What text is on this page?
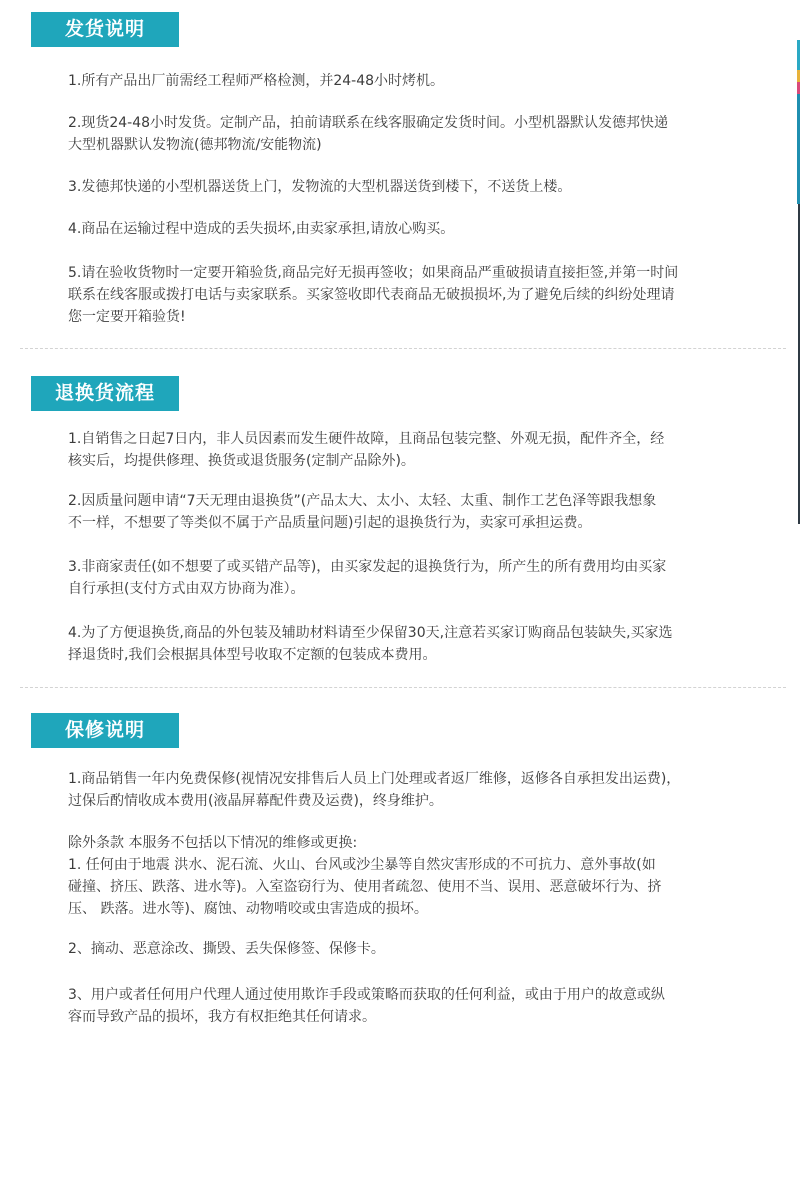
发货说明
1.所有产品出厂前需经工程师严格检测，并24-48小时烤机。
2.现货24-48小时发货。定制产品，拍前请联系在线客服确定发货时间。小型机器默认发德邦快递
大型机器默认发物流(德邦物流/安能物流)
3.发德邦快递的小型机器送货上门，发物流的大型机器送货到楼下，不送货上楼。
4.商品在运输过程中造成的丢失损坏,由卖家承担,请放心购买。
5.请在验收货物时一定要开箱验货,商品完好无损再签收；如果商品严重破损请直接拒签,并第一时间
联系在线客服或拨打电话与卖家联系。买家签收即代表商品无破损损坏,为了避免后续的纠纷处理请
您一定要开箱验货!
退换货流程
1.自销售之日起7日内，非人员因素而发生硬件故障，且商品包装完整、外观无损，配件齐全，经
核实后，均提供修理、换货或退货服务(定制产品除外)。
2.因质量问题申请“7天无理由退换货”(产品太大、太小、太轻、太重、制作工艺色泽等跟我想象
不一样，不想要了等类似不属于产品质量问题)引起的退换货行为，卖家可承担运费。
3.非商家责任(如不想要了或买错产品等)，由买家发起的退换货行为，所产生的所有费用均由买家
自行承担(支付方式由双方协商为准）。
4.为了方便退换货,商品的外包装及辅助材料请至少保留30天,注意若买家订购商品包装缺失,买家选
择退货时,我们会根据具体型号收取不定额的包装成本费用。
保修说明
1.商品销售一年内免费保修(视情况安排售后人员上门处理或者返厂维修，返修各自承担发出运费)，
过保后酌情收成本费用(液晶屏幕配件费及运费)，终身维护。
除外条款 本服务不包括以下情况的维修或更换:
1. 任何由于地震 洪水、泥石流、火山、台风或沙尘暴等自然灾害形成的不可抗力、意外事故(如
碰撞、挤压、跌落、进水等)。入室盗窃行为、使用者疏忽、使用不当、误用、恶意破坏行为、挤
压、 跌落。进水等)、腐蚀、动物啃咬或虫害造成的损坏。
2、摘动、恶意涂改、撕毁、丢失保修签、保修卡。
3、用户或者任何用户代理人通过使用欺诈手段或策略而获取的任何利益，或由于用户的故意或纵
容而导致产品的损坏，我方有权拒绝其任何请求。
